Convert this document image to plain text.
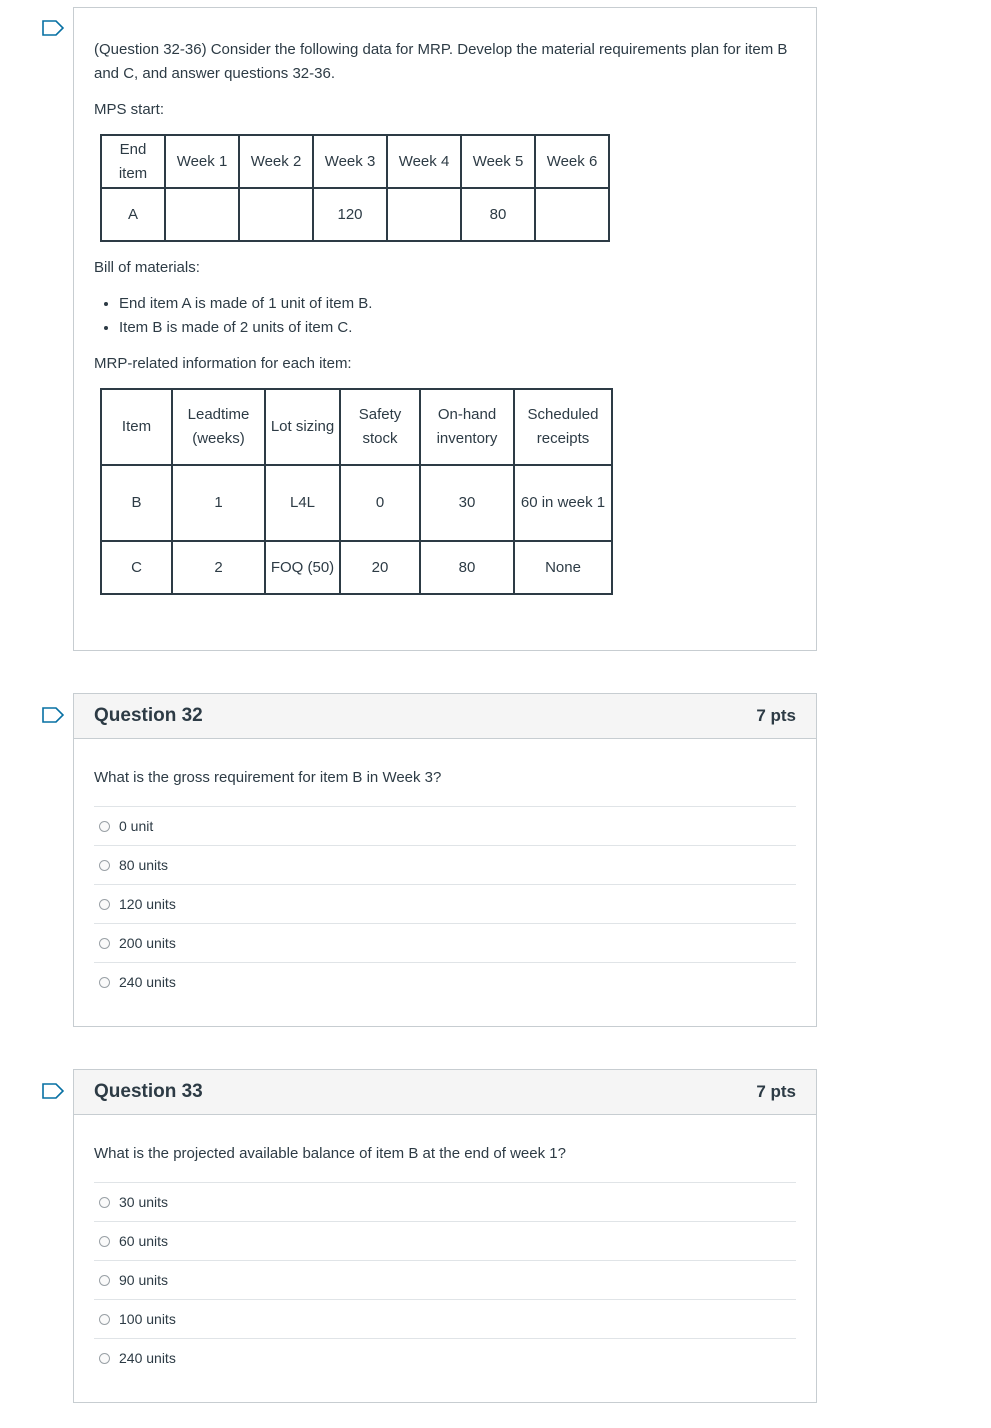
(Question 32-36) Consider the following data for MRP. Develop the material requirements plan for item B and C, and answer questions 32-36.

MPS start:

End item	Week 1	Week 2	Week 3	Week 4	Week 5	Week 6
A			120		80	

Bill of materials:

• End item A is made of 1 unit of item B.
• Item B is made of 2 units of item C.

MRP-related information for each item:

Item	Leadtime (weeks)	Lot sizing	Safety stock	On-hand inventory	Scheduled receipts
B	1	L4L	0	30	60 in week 1
C	2	FOQ (50)	20	80	None
Question 32	7 pts
What is the gross requirement for item B in Week 3?
0 unit
80 units
120 units
200 units
240 units
Question 33	7 pts
What is the projected available balance of item B at the end of week 1?
30 units
60 units
90 units
100 units
240 units
